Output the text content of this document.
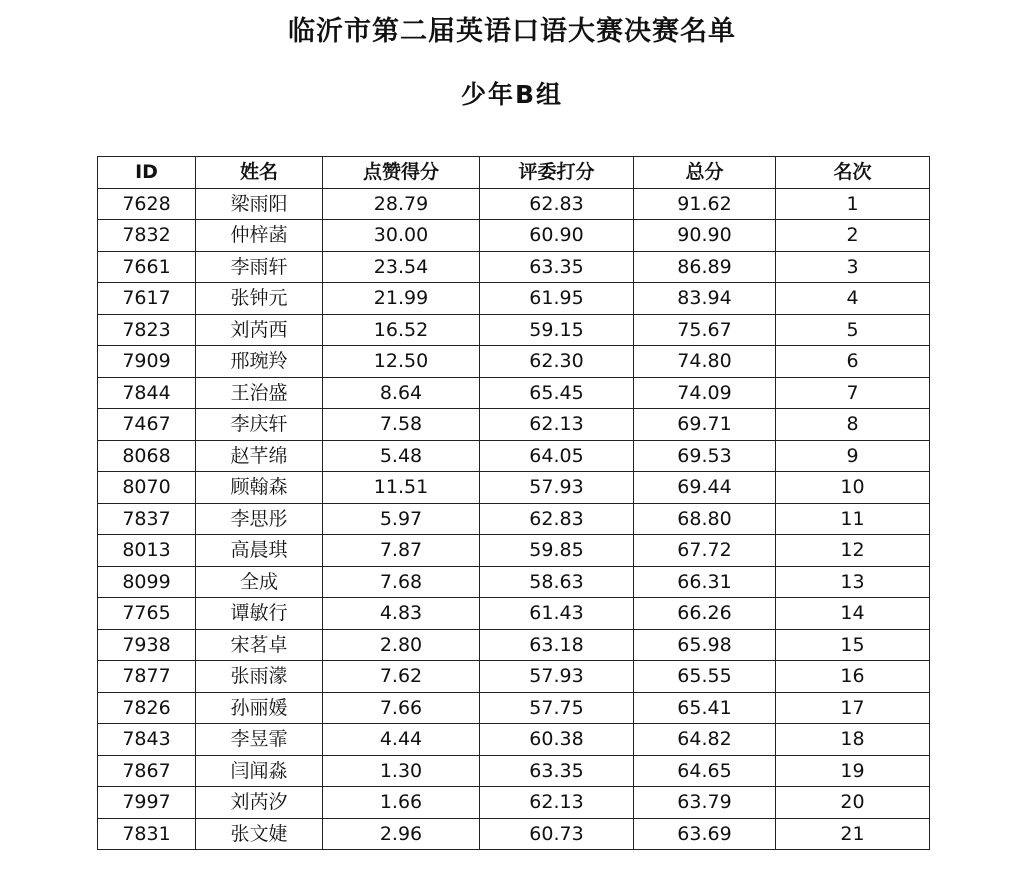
临沂市第二届英语口语大赛决赛名单
少年B组
ID	姓名	点赞得分	评委打分	总分	名次
7628	梁雨阳	28.79	62.83	91.62	1
7832	仲梓菡	30.00	60.90	90.90	2
7661	李雨轩	23.54	63.35	86.89	3
7617	张钟元	21.99	61.95	83.94	4
7823	刘芮西	16.52	59.15	75.67	5
7909	邢琬羚	12.50	62.30	74.80	6
7844	王治盛	8.64	65.45	74.09	7
7467	李庆轩	7.58	62.13	69.71	8
8068	赵芊绵	5.48	64.05	69.53	9
8070	顾翰森	11.51	57.93	69.44	10
7837	李思彤	5.97	62.83	68.80	11
8013	高晨琪	7.87	59.85	67.72	12
8099	全成	7.68	58.63	66.31	13
7765	谭敏行	4.83	61.43	66.26	14
7938	宋茗卓	2.80	63.18	65.98	15
7877	张雨濛	7.62	57.93	65.55	16
7826	孙丽媛	7.66	57.75	65.41	17
7843	李昱霏	4.44	60.38	64.82	18
7867	闫闻淼	1.30	63.35	64.65	19
7997	刘芮汐	1.66	62.13	63.79	20
7831	张文婕	2.96	60.73	63.69	21
